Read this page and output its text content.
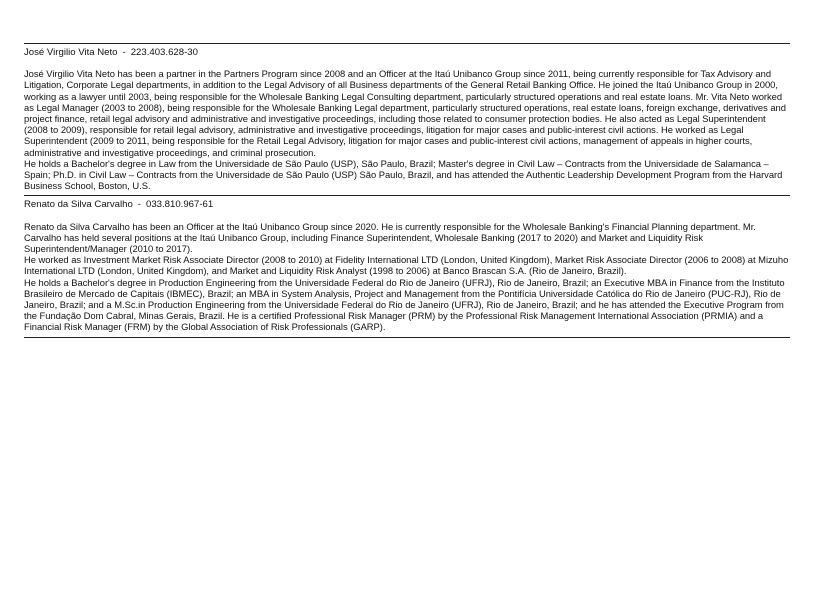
José Virgilio Vita Neto - 223.403.628-30

José Virgilio Vita Neto has been a partner in the Partners Program since 2008 and an Officer at the Itaú Unibanco Group since 2011, being currently responsible for Tax Advisory and Litigation, Corporate Legal departments, in addition to the Legal Advisory of all Business departments of the General Retail Banking Office. He joined the Itaú Unibanco Group in 2000, working as a lawyer until 2003, being responsible for the Wholesale Banking Legal Consulting department, particularly structured operations and real estate loans. Mr. Vita Neto worked as Legal Manager (2003 to 2008), being responsible for the Wholesale Banking Legal department, particularly structured operations, real estate loans, foreign exchange, derivatives and project finance, retail legal advisory and administrative and investigative proceedings, including those related to consumer protection bodies. He also acted as Legal Superintendent (2008 to 2009), responsible for retail legal advisory, administrative and investigative proceedings, litigation for major cases and public-interest civil actions. He worked as Legal Superintendent (2009 to 2011, being responsible for the Retail Legal Advisory, litigation for major cases and public-interest civil actions, management of appeals in higher courts, administrative and investigative proceedings, and criminal prosecution.

He holds a Bachelor's degree in Law from the Universidade de São Paulo (USP), São Paulo, Brazil; Master's degree in Civil Law – Contracts from the Universidade de Salamanca – Spain; Ph.D. in Civil Law – Contracts from the Universidade de São Paulo (USP) São Paulo, Brazil, and has attended the Authentic Leadership Development Program from the Harvard Business School, Boston, U.S.

Renato da Silva Carvalho - 033.810.967-61

Renato da Silva Carvalho has been an Officer at the Itaú Unibanco Group since 2020. He is currently responsible for the Wholesale Banking's Financial Planning department. Mr. Carvalho has held several positions at the Itaú Unibanco Group, including Finance Superintendent, Wholesale Banking (2017 to 2020) and Market and Liquidity Risk Superintendent/Manager (2010 to 2017).

He worked as Investment Market Risk Associate Director (2008 to 2010) at Fidelity International LTD (London, United Kingdom), Market Risk Associate Director (2006 to 2008) at Mizuho International LTD (London, United Kingdom), and Market and Liquidity Risk Analyst (1998 to 2006) at Banco Brascan S.A. (Rio de Janeiro, Brazil).

He holds a Bachelor's degree in Production Engineering from the Universidade Federal do Rio de Janeiro (UFRJ), Rio de Janeiro, Brazil; an Executive MBA in Finance from the Instituto Brasileiro de Mercado de Capitais (IBMEC), Brazil; an MBA in System Analysis, Project and Management from the Pontifícia Universidade Católica do Rio de Janeiro (PUC-RJ), Rio de Janeiro, Brazil; and a M.Sc.in Production Engineering from the Universidade Federal do Rio de Janeiro (UFRJ), Rio de Janeiro, Brazil; and he has attended the Executive Program from the Fundação Dom Cabral, Minas Gerais, Brazil. He is a certified Professional Risk Manager (PRM) by the Professional Risk Management International Association (PRMIA) and a Financial Risk Manager (FRM) by the Global Association of Risk Professionals (GARP).
